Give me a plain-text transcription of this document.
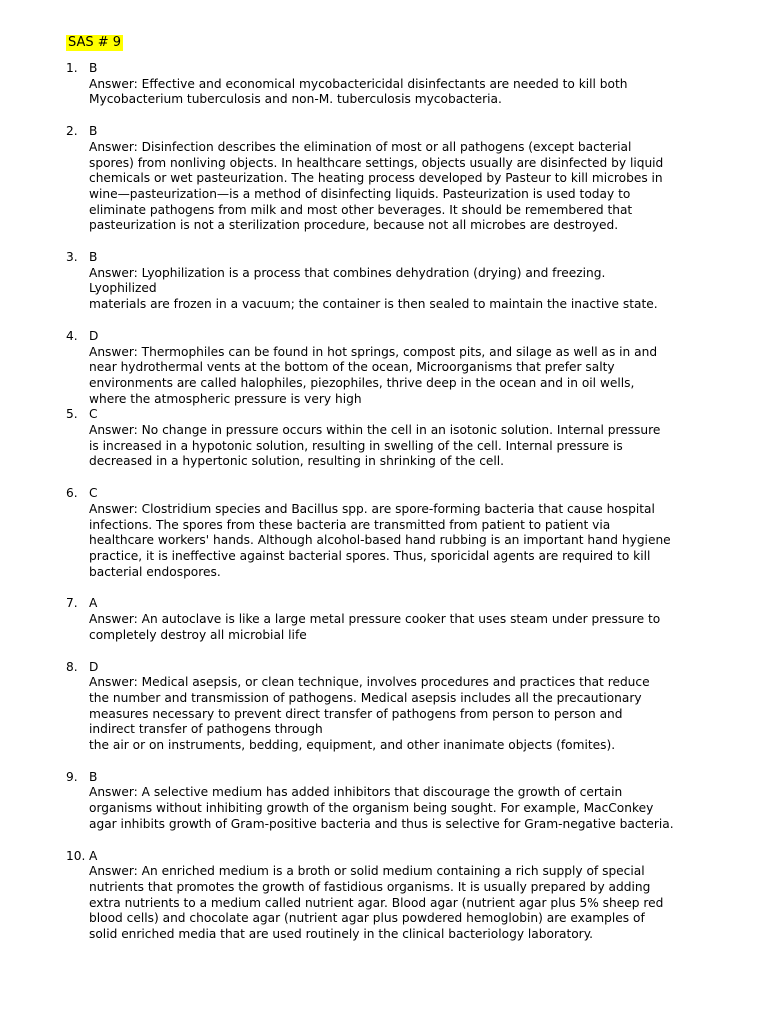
SAS # 9
1. B
Answer: Effective and economical mycobactericidal disinfectants are needed to kill both
Mycobacterium tuberculosis and non-M. tuberculosis mycobacteria.
2. B
Answer: Disinfection describes the elimination of most or all pathogens (except bacterial
spores) from nonliving objects. In healthcare settings, objects usually are disinfected by liquid
chemicals or wet pasteurization. The heating process developed by Pasteur to kill microbes in
wine—pasteurization—is a method of disinfecting liquids. Pasteurization is used today to
eliminate pathogens from milk and most other beverages. It should be remembered that
pasteurization is not a sterilization procedure, because not all microbes are destroyed.
3. B
Answer: Lyophilization is a process that combines dehydration (drying) and freezing.
Lyophilized
materials are frozen in a vacuum; the container is then sealed to maintain the inactive state.
4. D
Answer: Thermophiles can be found in hot springs, compost pits, and silage as well as in and
near hydrothermal vents at the bottom of the ocean, Microorganisms that prefer salty
environments are called halophiles, piezophiles, thrive deep in the ocean and in oil wells,
where the atmospheric pressure is very high
5. C
Answer: No change in pressure occurs within the cell in an isotonic solution. Internal pressure
is increased in a hypotonic solution, resulting in swelling of the cell. Internal pressure is
decreased in a hypertonic solution, resulting in shrinking of the cell.
6. C
Answer: Clostridium species and Bacillus spp. are spore-forming bacteria that cause hospital
infections. The spores from these bacteria are transmitted from patient to patient via
healthcare workers' hands. Although alcohol-based hand rubbing is an important hand hygiene
practice, it is ineffective against bacterial spores. Thus, sporicidal agents are required to kill
bacterial endospores.
7. A
Answer: An autoclave is like a large metal pressure cooker that uses steam under pressure to
completely destroy all microbial life
8. D
Answer: Medical asepsis, or clean technique, involves procedures and practices that reduce
the number and transmission of pathogens. Medical asepsis includes all the precautionary
measures necessary to prevent direct transfer of pathogens from person to person and
indirect transfer of pathogens through
the air or on instruments, bedding, equipment, and other inanimate objects (fomites).
9. B
Answer: A selective medium has added inhibitors that discourage the growth of certain
organisms without inhibiting growth of the organism being sought. For example, MacConkey
agar inhibits growth of Gram-positive bacteria and thus is selective for Gram-negative bacteria.
10. A
Answer: An enriched medium is a broth or solid medium containing a rich supply of special
nutrients that promotes the growth of fastidious organisms. It is usually prepared by adding
extra nutrients to a medium called nutrient agar. Blood agar (nutrient agar plus 5% sheep red
blood cells) and chocolate agar (nutrient agar plus powdered hemoglobin) are examples of
solid enriched media that are used routinely in the clinical bacteriology laboratory.
